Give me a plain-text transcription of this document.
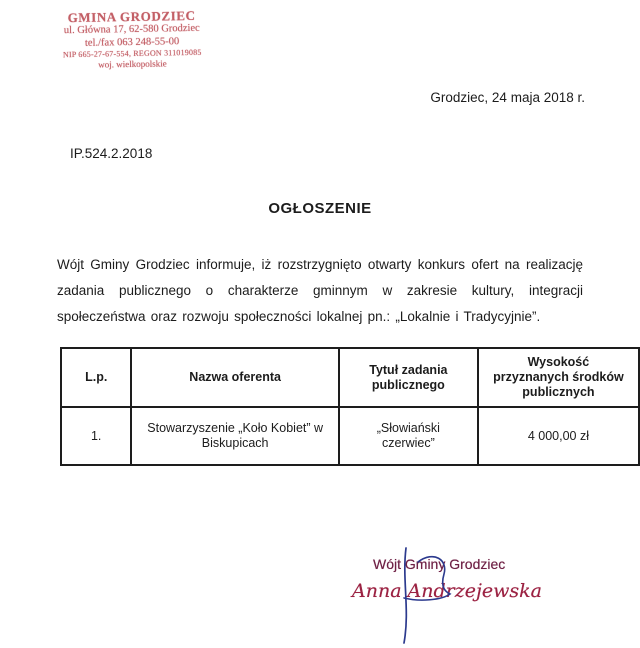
GMINA GRODZIEC
ul. Główna 17, 62-580 Grodziec
tel./fax 063 248-55-00
NIP 665-27-67-554, REGON 311019085
woj. wielkopolskie
Grodziec, 24 maja 2018 r.
IP.524.2.2018
OGŁOSZENIE
Wójt Gminy Grodziec informuje, iż rozstrzygnięto otwarty konkurs ofert na realizację zadania publicznego o charakterze gminnym w zakresie kultury, integracji społeczeństwa oraz rozwoju społeczności lokalnej pn.: „Lokalnie i Tradycyjnie”.
L.p.	Nazwa oferenta	Tytuł zadania publicznego	Wysokość przyznanych środków publicznych
1.	Stowarzyszenie „Koło Kobiet” w Biskupicach	„Słowiański czerwiec”	4 000,00 zł
Wójt Gminy Grodziec
Anna Andrzejewska
